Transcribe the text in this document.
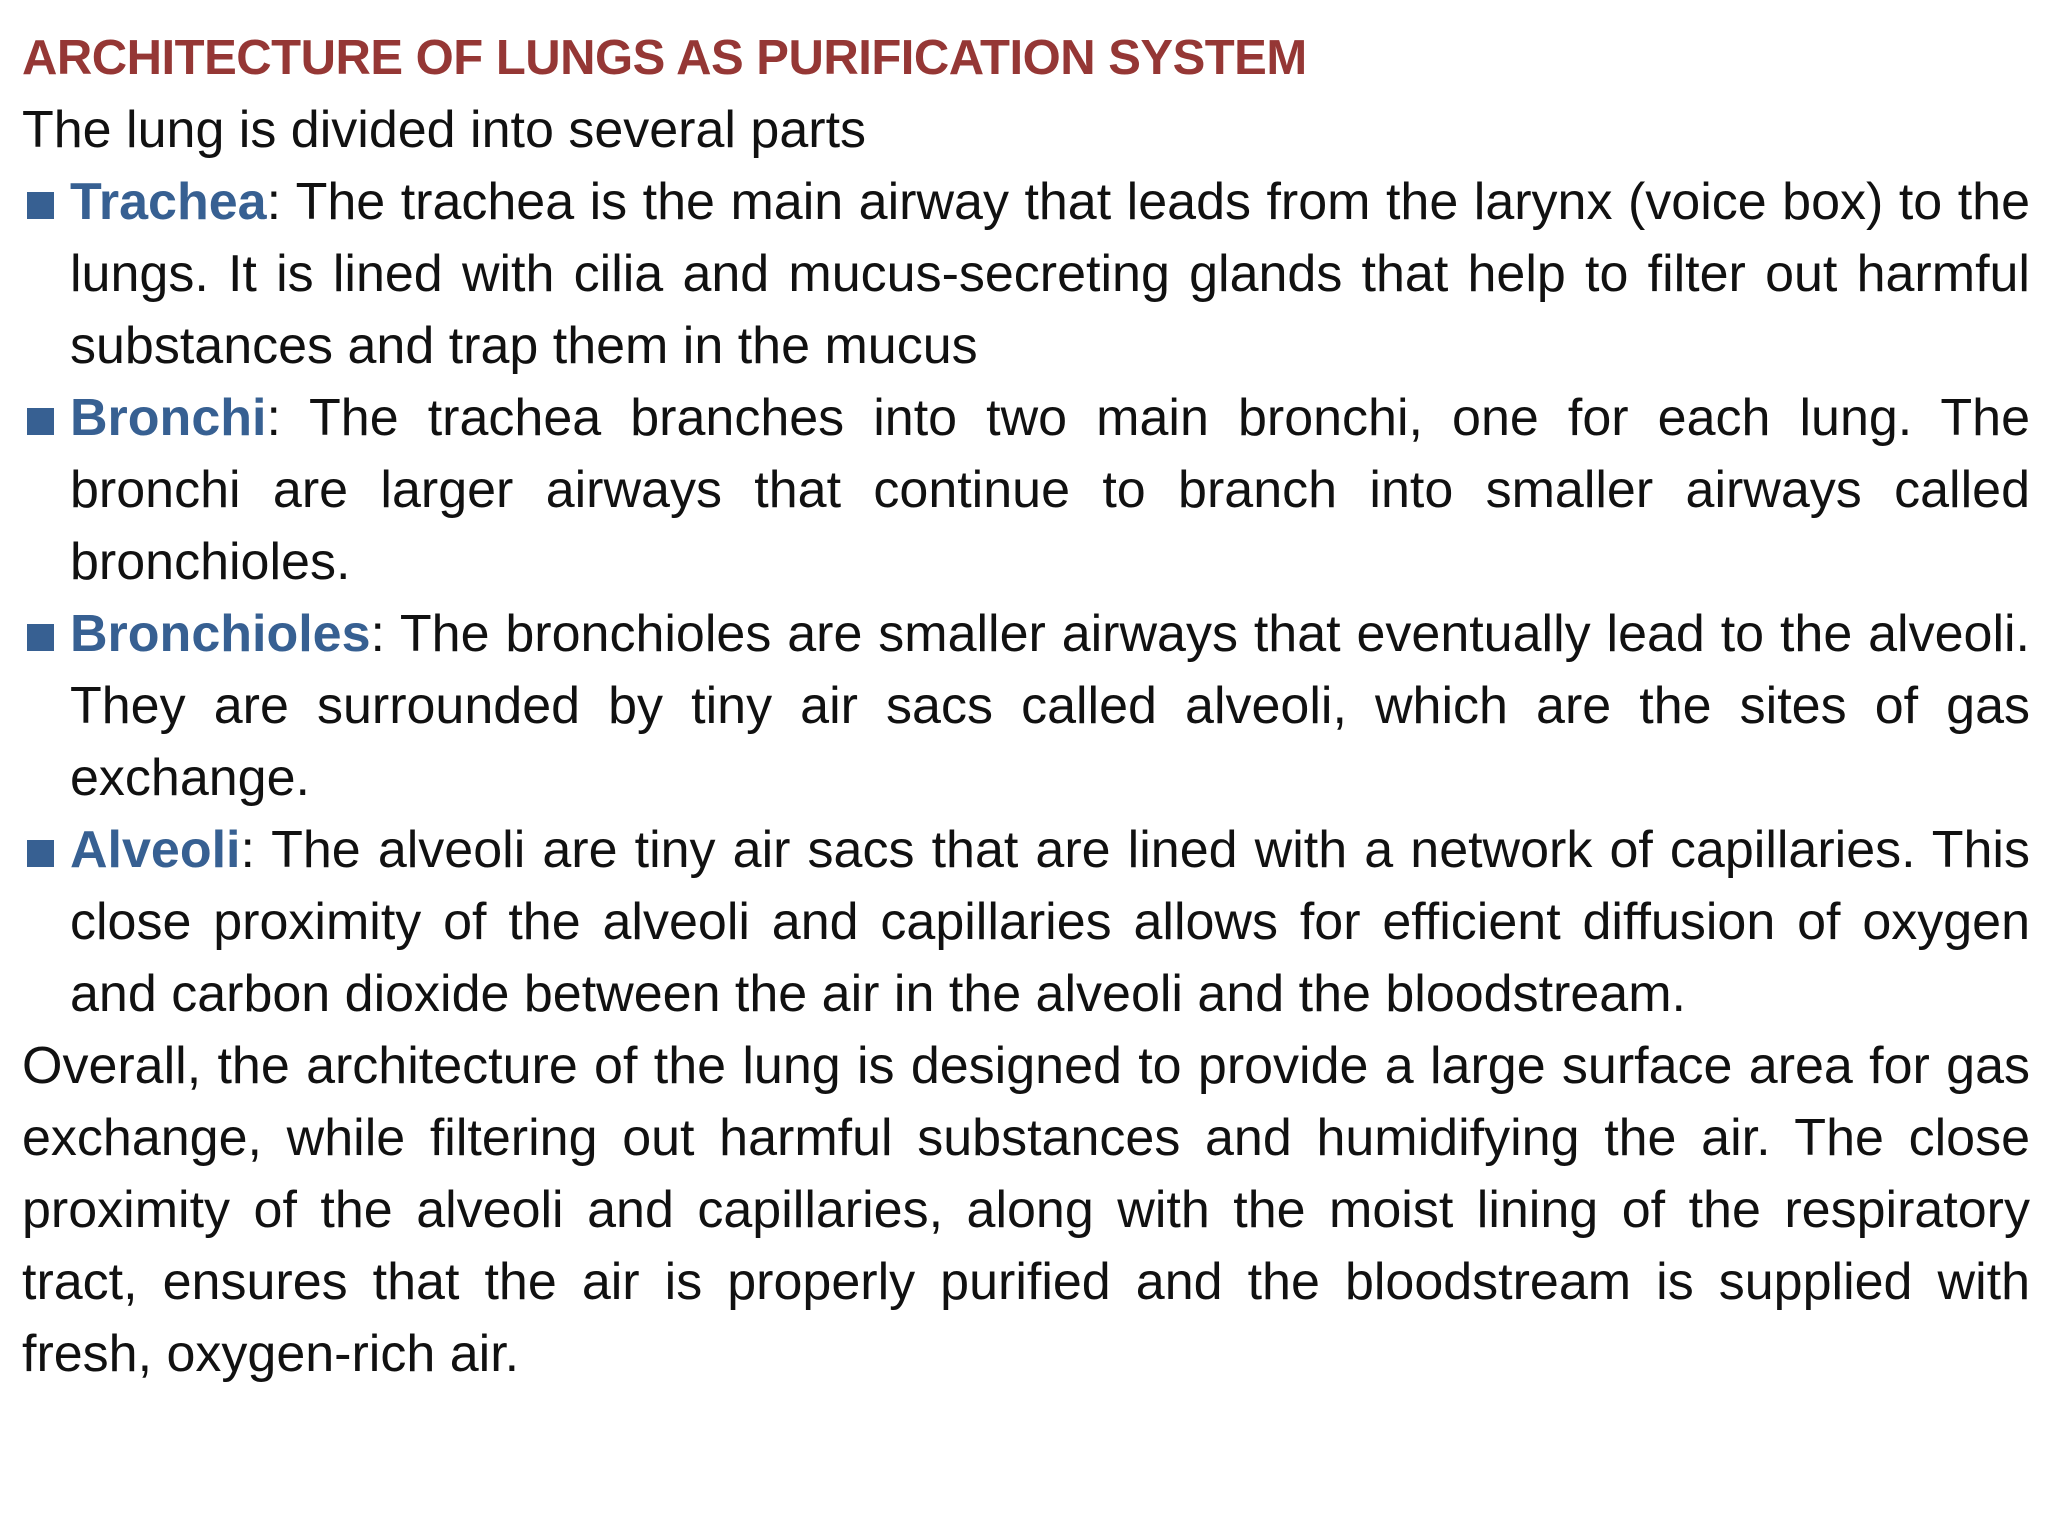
ARCHITECTURE OF LUNGS AS PURIFICATION SYSTEM

The lung is divided into several parts

Trachea: The trachea is the main airway that leads from the larynx (voice box) to the lungs. It is lined with cilia and mucus-secreting glands that help to filter out harmful substances and trap them in the mucus
Bronchi: The trachea branches into two main bronchi, one for each lung. The bronchi are larger airways that continue to branch into smaller airways called bronchioles.
Bronchioles: The bronchioles are smaller airways that eventually lead to the alveoli. They are surrounded by tiny air sacs called alveoli, which are the sites of gas exchange.
Alveoli: The alveoli are tiny air sacs that are lined with a network of capillaries. This close proximity of the alveoli and capillaries allows for efficient diffusion of oxygen and carbon dioxide between the air in the alveoli and the bloodstream.

Overall, the architecture of the lung is designed to provide a large surface area for gas exchange, while filtering out harmful substances and humidifying the air. The close proximity of the alveoli and capillaries, along with the moist lining of the respiratory tract, ensures that the air is properly purified and the bloodstream is supplied with fresh, oxygen-rich air.
